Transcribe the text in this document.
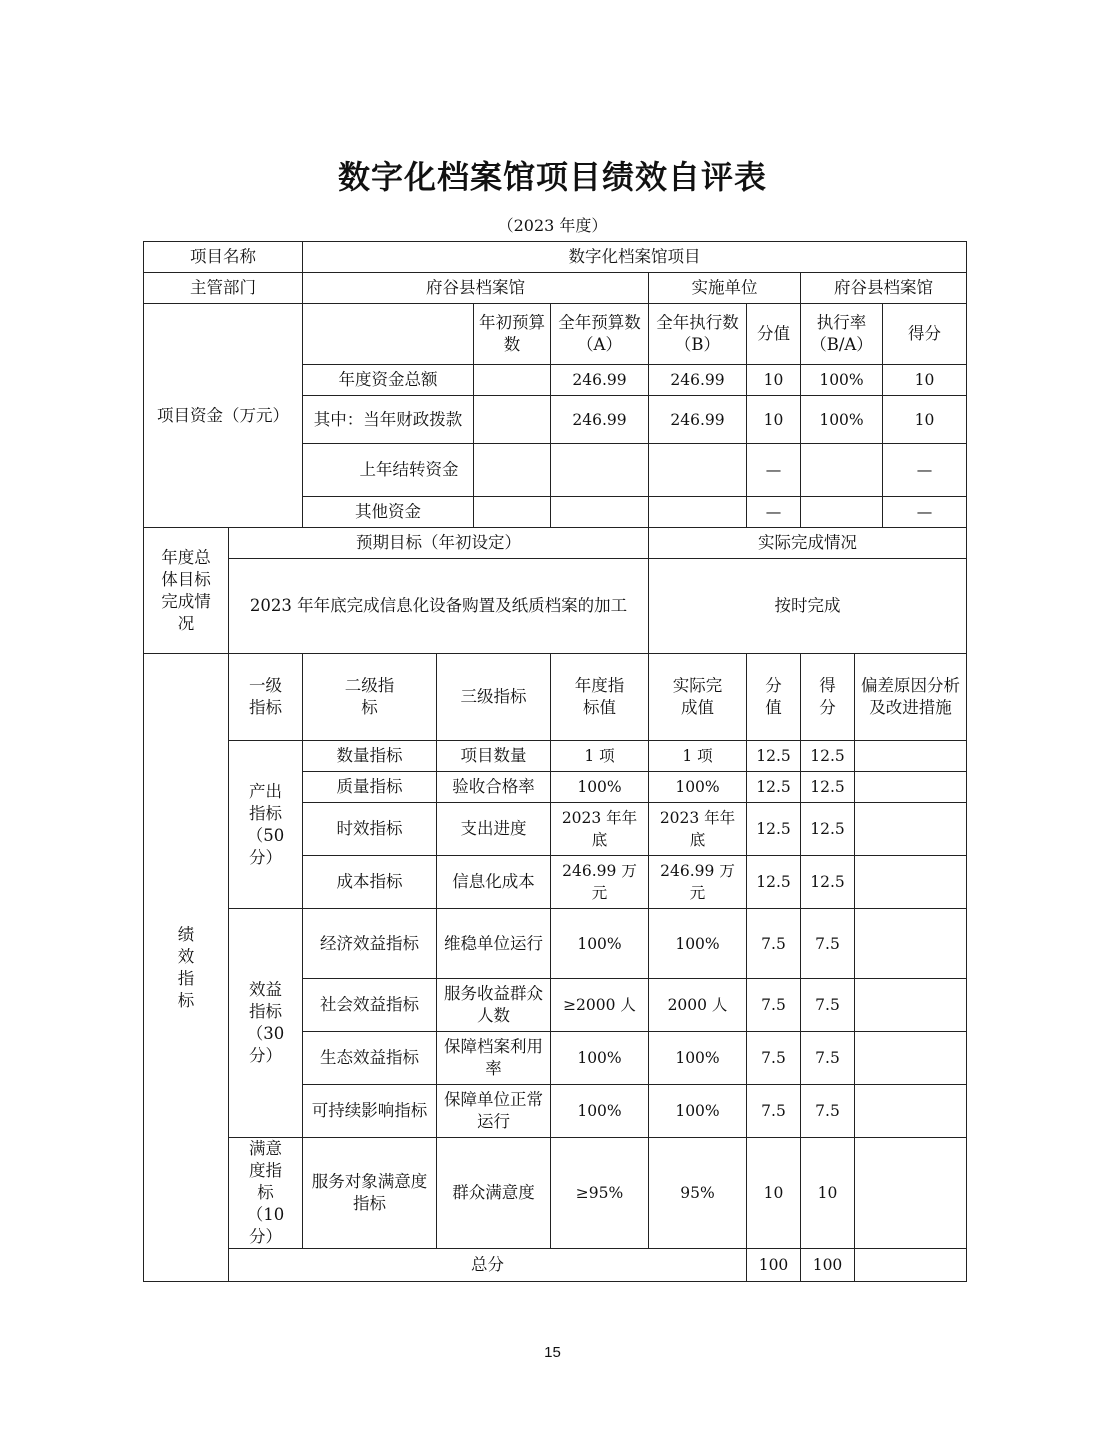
数字化档案馆项目绩效自评表
（2023 年度）
项目名称		数字化档案馆项目								
主管部门		府谷县档案馆				实施单位		府谷县档案馆		
项目资金（万元）				年初预算数	全年预算数（A）	全年执行数（B）	分值	执行率（B/A）		得分
		年度资金总额			246.99	246.99	10	100%		10
		其中：当年财政拨款			246.99	246.99	10	100%		10
		上年结转资金					—			—
		其他资金					—			—
年度总体目标完成情况	预期目标（年初设定）					实际完成情况				
	2023 年年底完成信息化设备购置及纸质档案的加工					按时完成				
绩效指标	一级指标	二级指标	三级指标		年度指标值	实际完成值	分值	得分	偏差原因分析及改进措施	
	产出指标（50 分）	数量指标	项目数量		1 项	1 项	12.5	12.5		
		质量指标	验收合格率		100%	100%	12.5	12.5		
		时效指标	支出进度		2023 年年底	2023 年年底	12.5	12.5		
		成本指标	信息化成本		246.99 万元	246.99 万元	12.5	12.5		
	效益指标（30 分）	经济效益指标	维稳单位运行		100%	100%	7.5	7.5		
		社会效益指标	服务收益群众人数		≥2000 人	2000 人	7.5	7.5		
		生态效益指标	保障档案利用率		100%	100%	7.5	7.5		
		可持续影响指标	保障单位正常运行		100%	100%	7.5	7.5		
	满意度指标（10 分）	服务对象满意度指标	群众满意度		≥95%	95%	10	10		
	总分						100	100		
15
